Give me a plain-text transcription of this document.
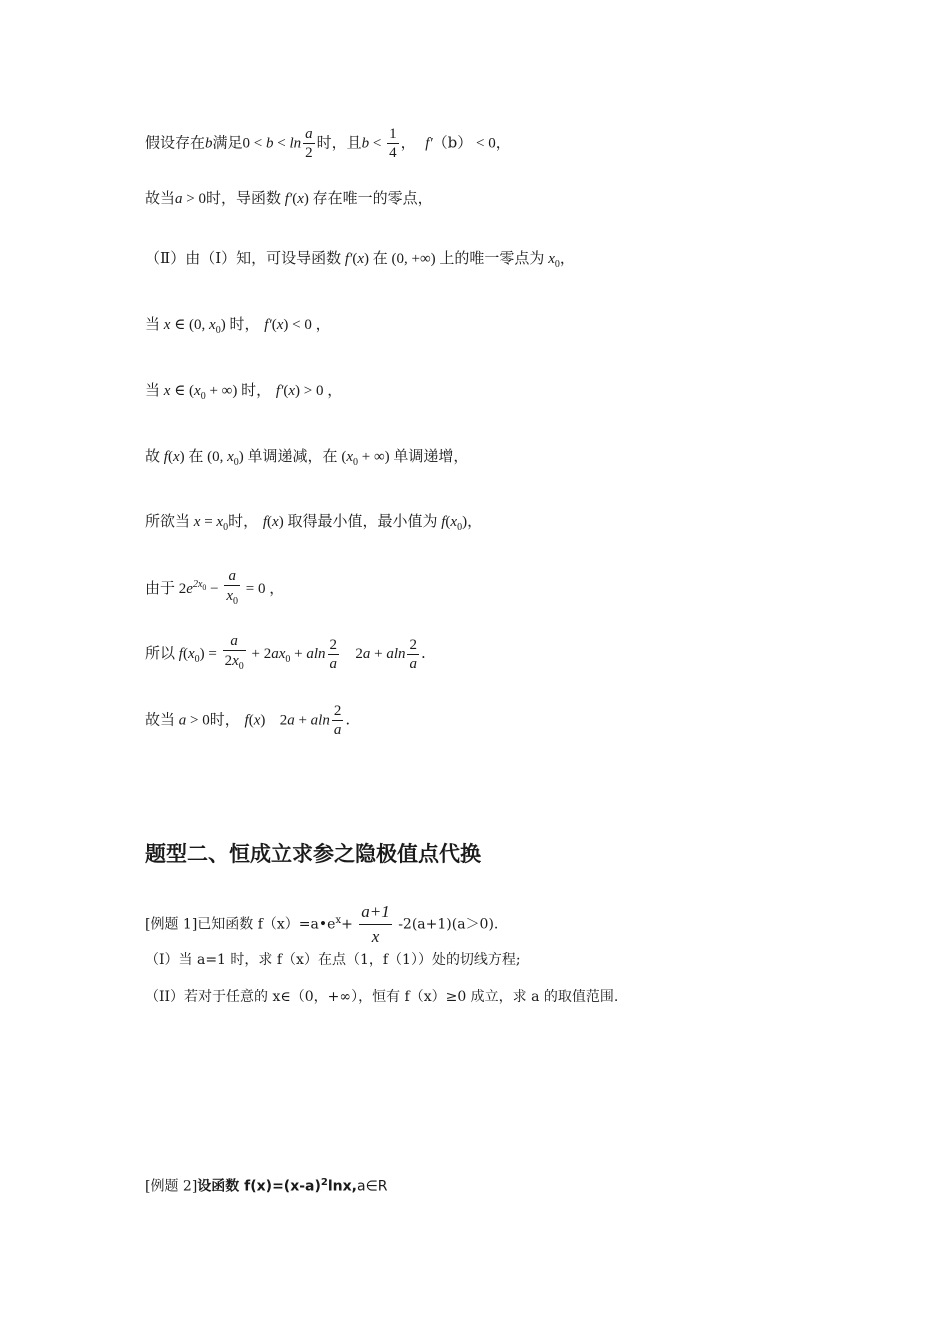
假设存在b满足$0 < b < \ln \frac{a}{2}$ 时，且$b < \frac{1}{4}$ ， f′（b） < 0，
故当a > 0时，导函数 f′(x) 存在唯一的零点，
（Ⅱ）由（Ⅰ）知，可设导函数 f′(x) 在 (0, +∞) 上的唯一零点为 $x_0$，
当 x ∈ (0, $x_0$) 时， f′(x) < 0 ，
当 x ∈ ($x_0$ + ∞) 时， f′(x) > 0 ，
故 f(x) 在 (0, $x_0$) 单调递减，在 ($x_0$ + ∞) 单调递增，
所欲当 $x = x_0$时， f(x) 取得最小值，最小值为 $f(x_0)$，
由于 $2e^{2x_0} - \frac{a}{x_0} = 0$ ，
所以 $f(x_0) = \frac{a}{2x_0} + 2ax_0 + aln \frac{2}{a} 2a + aln \frac{2}{a}$ .
故当 a > 0时， f(x) 2a + aln $\frac{2}{a}$ .
题型二、恒成立求参之隐极值点代换
[例题 1]已知函数 $f(x)=a•e^x+ \frac{a+1}{x} -2(a+1)(a>0)$.
（I）当 a=1 时，求 f（x）在点（1，f（1））处的切线方程;
（II）若对于任意的 x∈（0，+∞），恒有 f（x）≥0 成立，求 a 的取值范围.
[例题 2]设函数 $f(x)=(x-a)^2\ln x,a\in R$
